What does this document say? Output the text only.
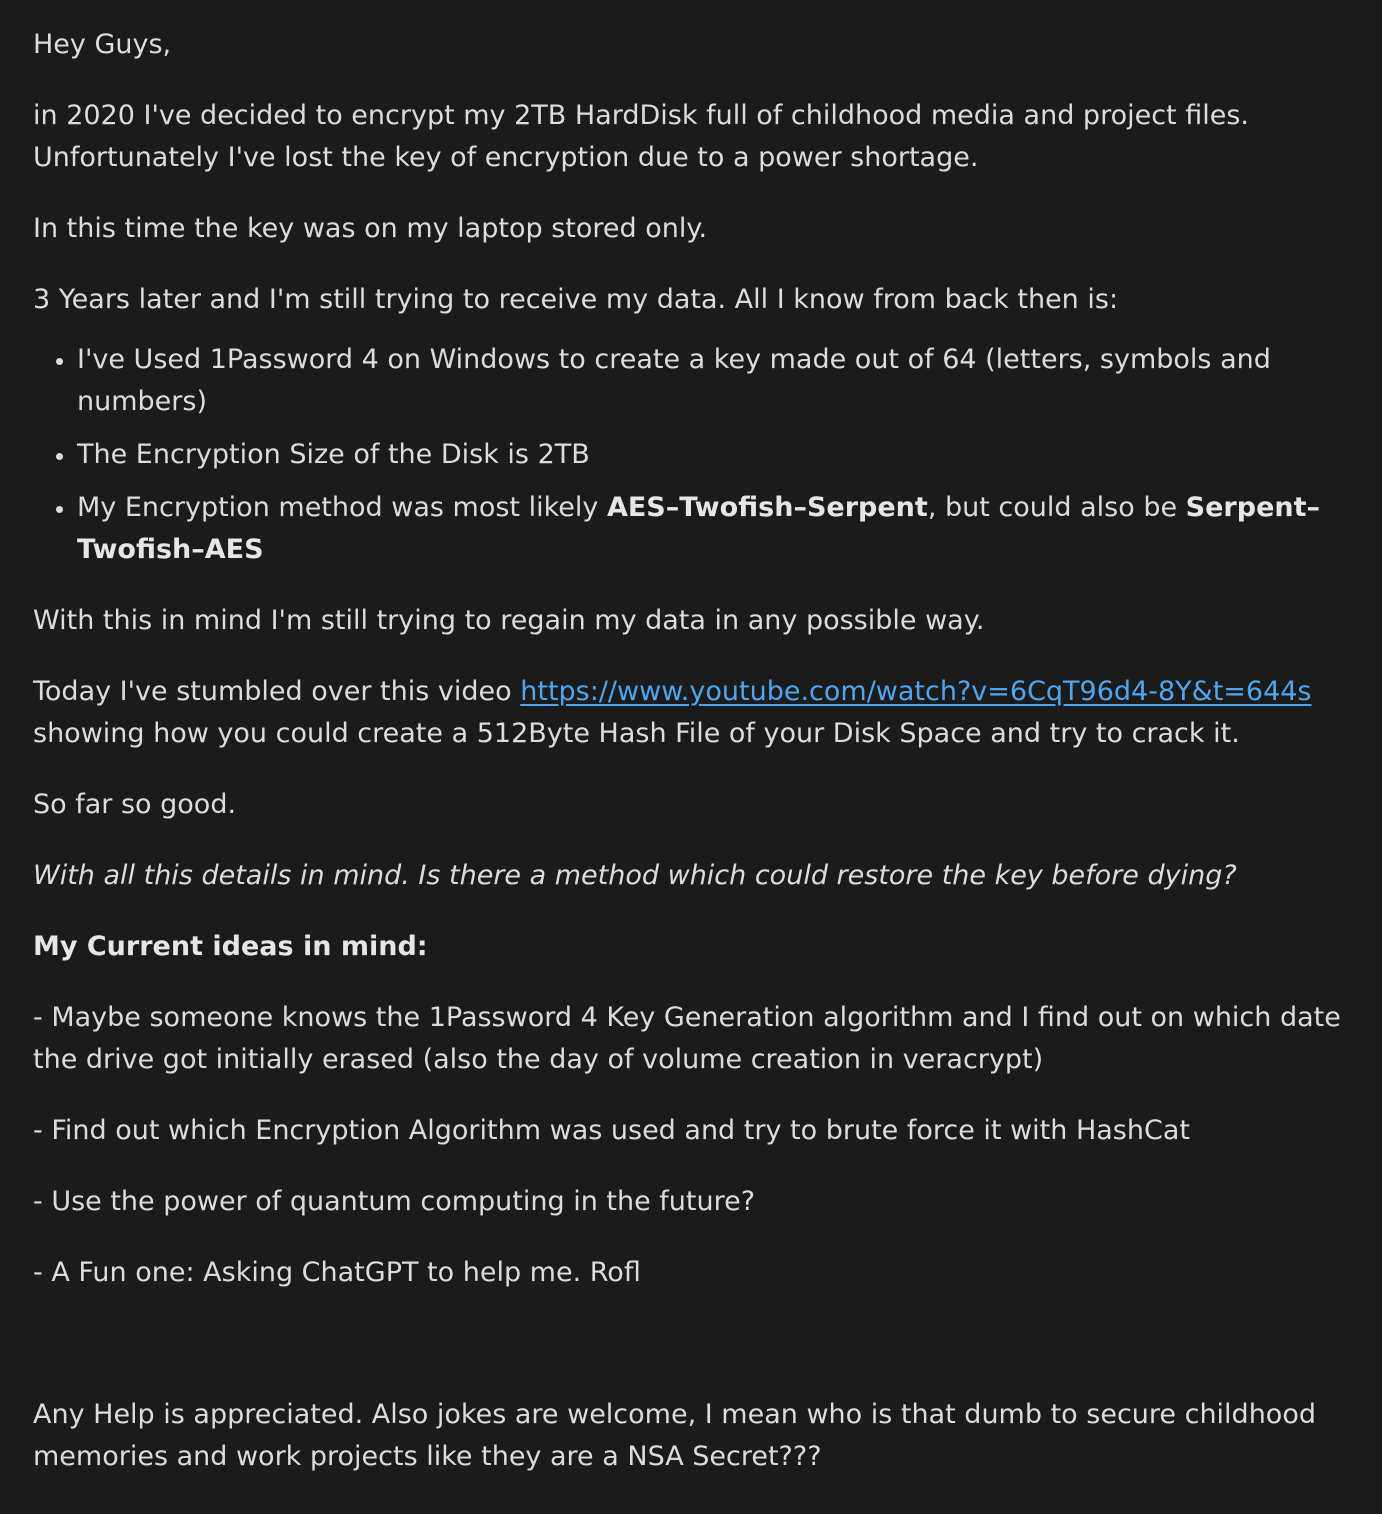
Hey Guys,

in 2020 I've decided to encrypt my 2TB HardDisk full of childhood media and project files.
Unfortunately I've lost the key of encryption due to a power shortage.

In this time the key was on my laptop stored only.

3 Years later and I'm still trying to receive my data. All I know from back then is:

• I've Used 1Password 4 on Windows to create a key made out of 64 (letters, symbols and numbers)
• The Encryption Size of the Disk is 2TB
• My Encryption method was most likely AES–Twofish–Serpent, but could also be Serpent–Twofish–AES

With this in mind I'm still trying to regain my data in any possible way.

Today I've stumbled over this video https://www.youtube.com/watch?v=6CqT96d4-8Y&t=644s
showing how you could create a 512Byte Hash File of your Disk Space and try to crack it.

So far so good.

With all this details in mind. Is there a method which could restore the key before dying?

My Current ideas in mind:

- Maybe someone knows the 1Password 4 Key Generation algorithm and I find out on which date the drive got initially erased (also the day of volume creation in veracrypt)

- Find out which Encryption Algorithm was used and try to brute force it with HashCat

- Use the power of quantum computing in the future?

- A Fun one: Asking ChatGPT to help me. Rofl

Any Help is appreciated. Also jokes are welcome, I mean who is that dumb to secure childhood memories and work projects like they are a NSA Secret???
